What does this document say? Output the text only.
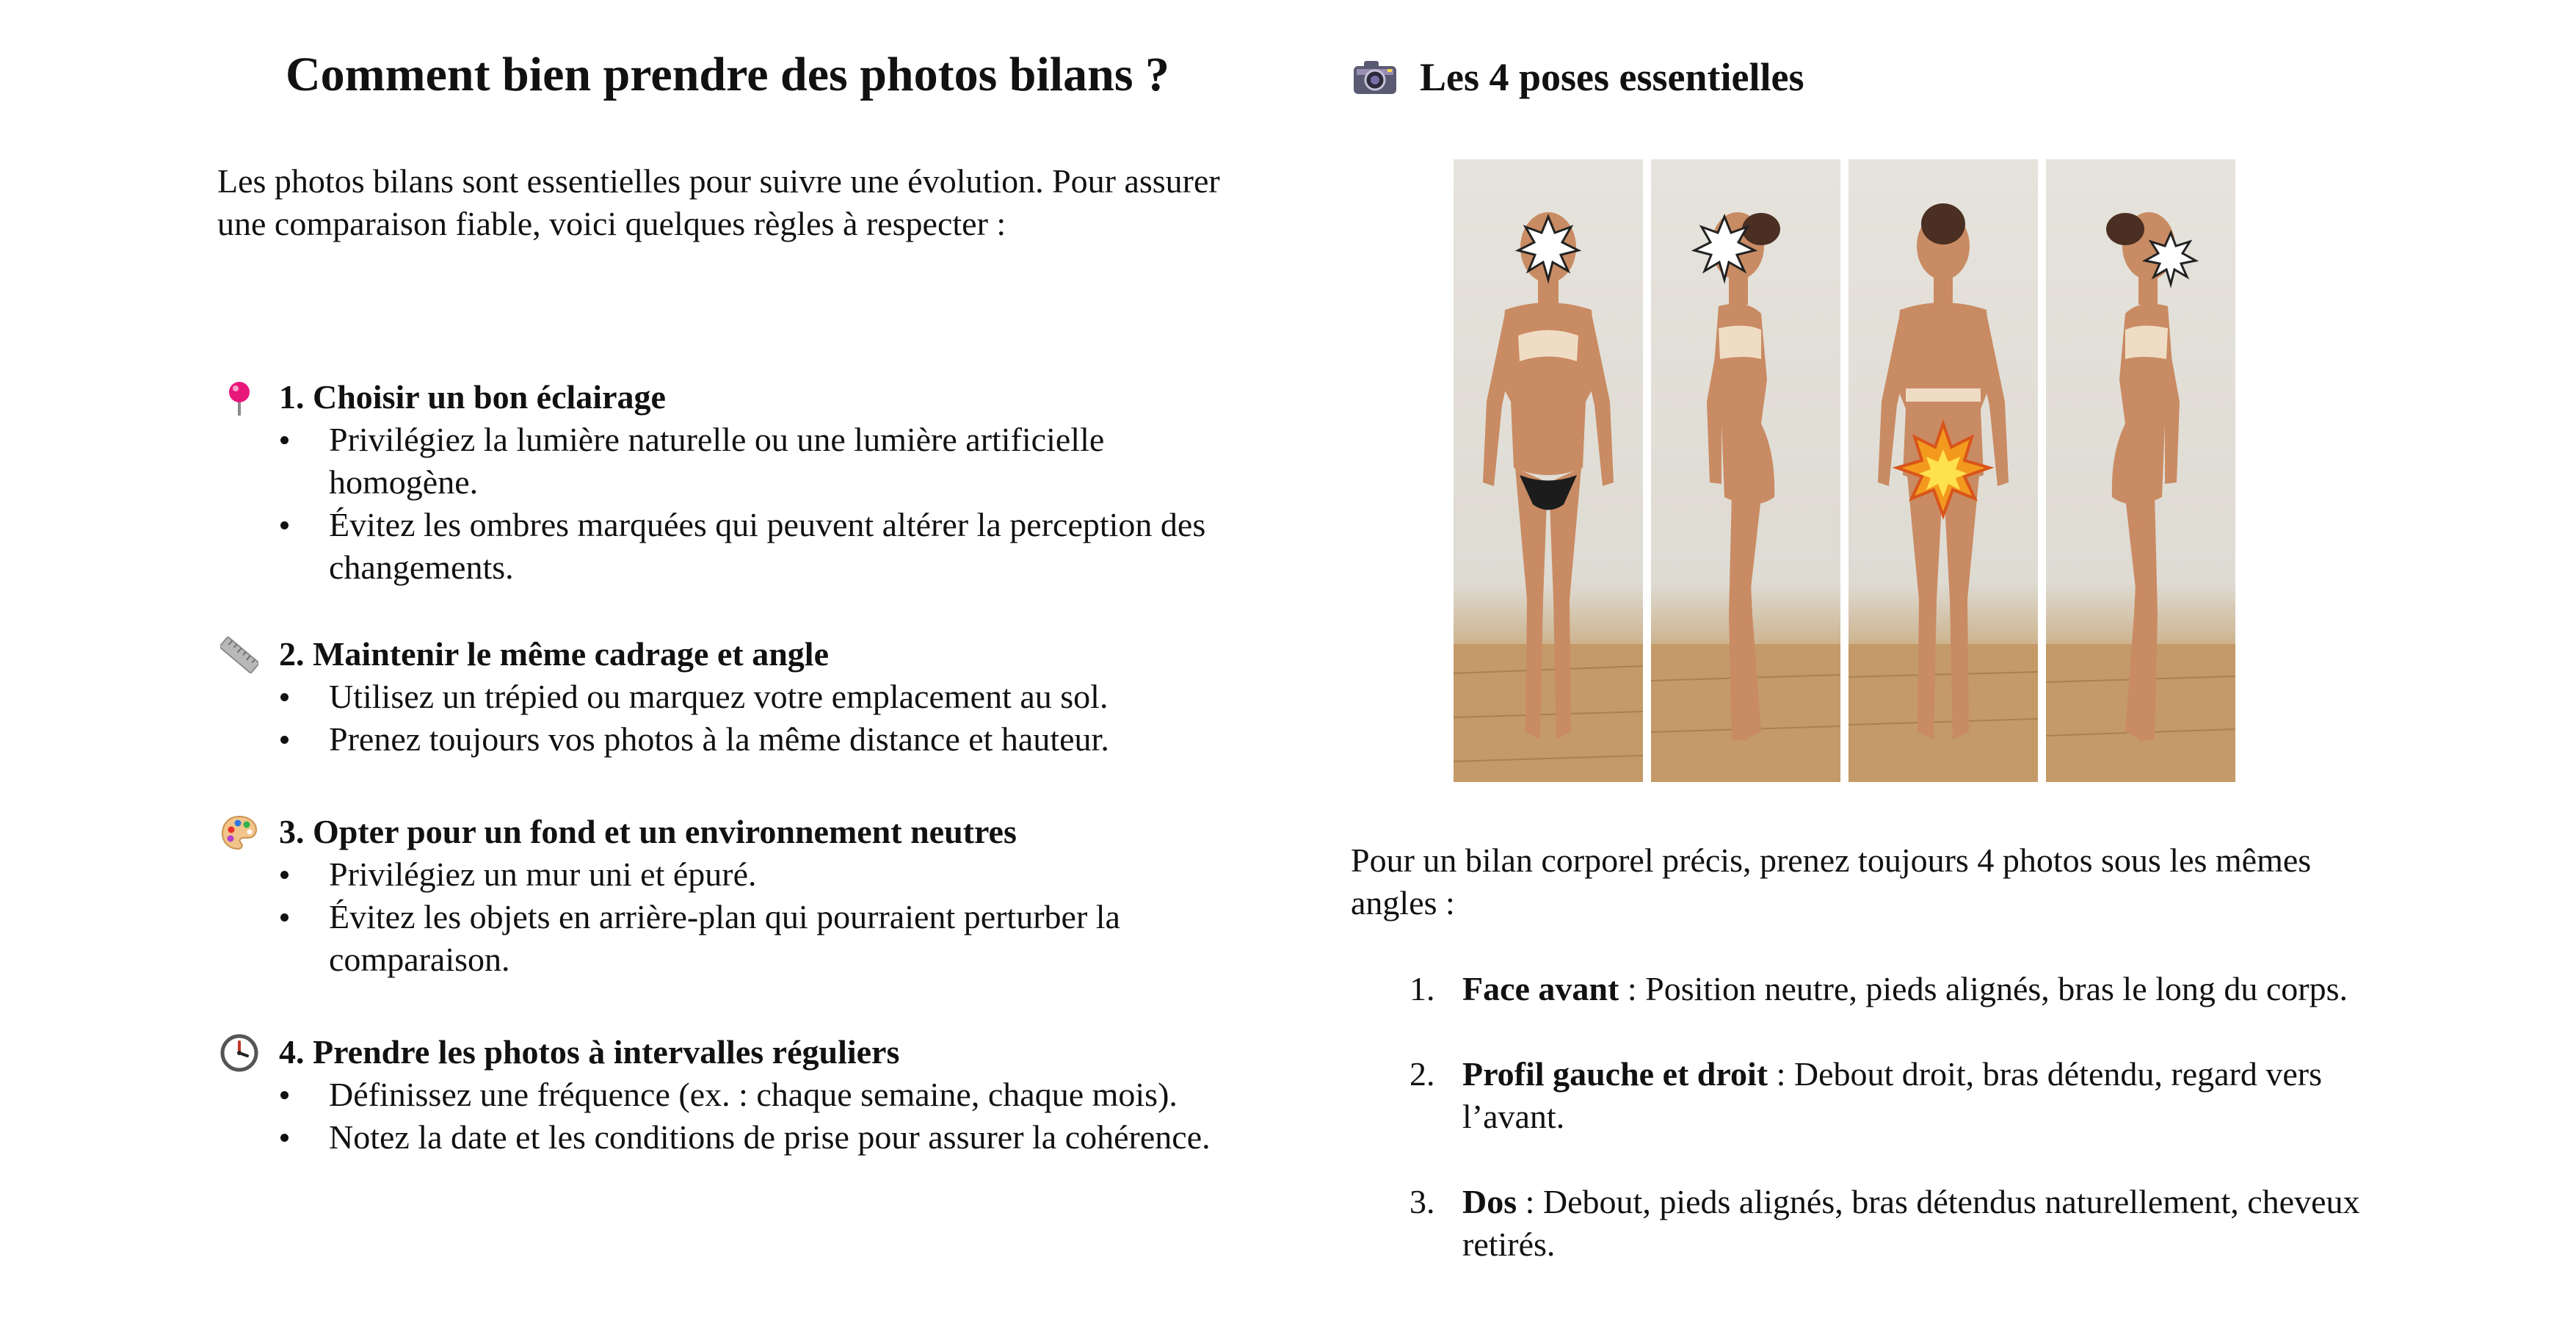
Comment bien prendre des photos bilans ?
Les photos bilans sont essentielles pour suivre une évolution. Pour assurer une comparaison fiable, voici quelques règles à respecter :
1. Choisir un bon éclairage
Privilégiez la lumière naturelle ou une lumière artificielle homogène.
Évitez les ombres marquées qui peuvent altérer la perception des changements.
2. Maintenir le même cadrage et angle
Utilisez un trépied ou marquez votre emplacement au sol.
Prenez toujours vos photos à la même distance et hauteur.
3. Opter pour un fond et un environnement neutres
Privilégiez un mur uni et épuré.
Évitez les objets en arrière-plan qui pourraient perturber la comparaison.
4. Prendre les photos à intervalles réguliers
Définissez une fréquence (ex. : chaque semaine, chaque mois).
Notez la date et les conditions de prise pour assurer la cohérence.
Les 4 poses essentielles
Pour un bilan corporel précis, prenez toujours 4 photos sous les mêmes angles :
1. Face avant : Position neutre, pieds alignés, bras le long du corps.
2. Profil gauche et droit : Debout droit, bras détendu, regard vers l’avant.
3. Dos : Debout, pieds alignés, bras détendus naturellement, cheveux retirés.
